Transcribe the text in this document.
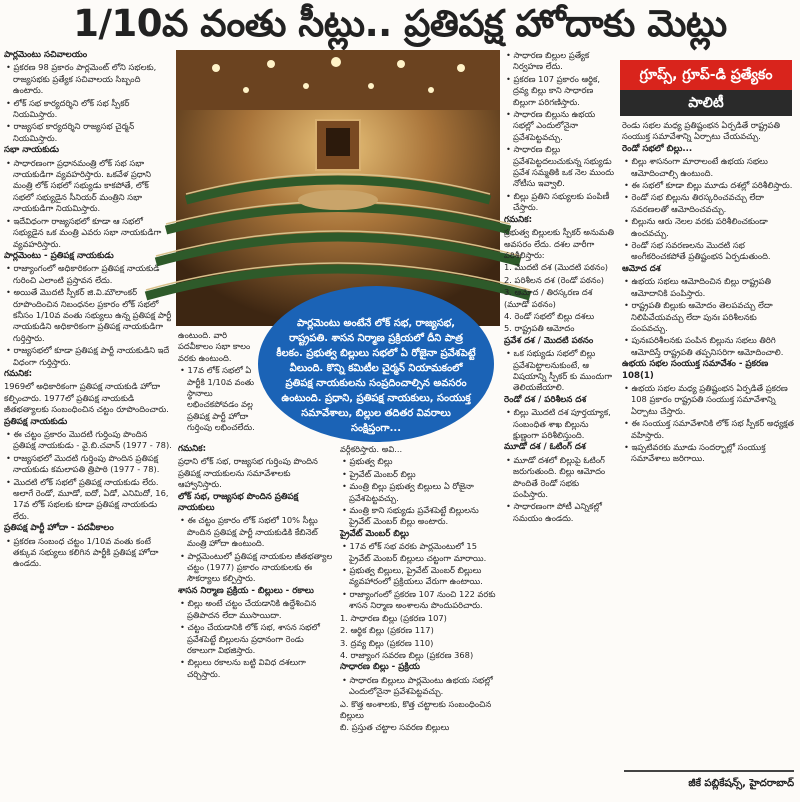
1/10వ వంతు సీట్లు.. ప్రతిపక్ష హోదాకు మెట్లు

పార్లమెంటు సచివాలయం

• ప్రకరణ 98 ప్రకారం పార్లమెంట్ లోని సభలకు, రాజ్యసభకు ప్రత్యేక సచివాలయ సిబ్బంది ఉంటారు.

• లోక్ సభ కార్యదర్శిని లోక్ సభ స్పీకర్ నియమిస్తారు.

• రాజ్యసభ కార్యదర్శిని రాజ్యసభ చైర్మన్ నియమిస్తారు.

సభా నాయకుడు

• సాధారణంగా ప్రధానమంత్రి లోక్ సభ సభా నాయకుడిగా వ్యవహరిస్తారు. ఒకవేళ ప్రధాని మంత్రి లోక్ సభలో సభ్యుడు కాకపోతే, లోక్ సభలో సభ్యుడైన సీనియర్ మంత్రిని సభా నాయకుడిగా నియమిస్తారు.

• ఇదేవిధంగా రాజ్యసభలో కూడా ఆ సభలో సభ్యుడైన ఒక మంత్రి ఎవరు సభా నాయకుడిగా వ్యవహరిస్తారు.

పార్లమెంటు - ప్రతిపక్ష నాయకుడు

• రాజ్యాంగంలో అధికారికంగా ప్రతిపక్ష నాయకుడి గురించి ఎలాంటి ప్రస్తావన లేదు.

• అయితే మొదటి స్పీకర్ జి.వి.మౌలాంకర్ రూపొందించిన నిబంధనల ప్రకారం లోక్ సభలో కనీసం 1/10వ వంతు సభ్యులు ఉన్న ప్రతిపక్ష పార్టీ నాయకుడిని అధికారికంగా ప్రతిపక్ష నాయకుడిగా గుర్తిస్తారు.

• రాజ్యసభలో కూడా ప్రతిపక్ష పార్టీ నాయకుడిని ఇదే విధంగా గుర్తిస్తారు.

గమనిక:

1969లో అధికారికంగా ప్రతిపక్ష నాయకుడి హోదా కల్పించారు. 1977లో ప్రతిపక్ష నాయకుడి జీతభత్యాలకు సంబంధించిన చట్టం రూపొందించారు.

ప్రతిపక్ష నాయకుడు

• ఈ చట్టం ప్రకారం మొదటి గుర్తింపు పొందిన ప్రతిపక్ష నాయకుడు - వై.బి.చవాన్ (1977 - 78).

• రాజ్యసభలో మొదటి గుర్తింపు పొందిన ప్రతిపక్ష నాయకుడు కమలాపతి త్రిపాఠి (1977 - 78).

• మొదటి లోక్ సభలో ప్రతిపక్ష నాయకుడు లేరు. అలాగే రెండో, మూడో, ఐదో, ఏడో, ఎనిమిదో, 16, 17వ లోక్ సభలకు కూడా ప్రతిపక్ష నాయకుడు లేరు.

ప్రతిపక్ష పార్టీ హోదా - పదవీకాలం

• ప్రకరణ సంబంధ చట్టం 1/10వ వంతు కంటే తక్కువ సభ్యులు కలిగిన పార్టీకి ప్రతిపక్ష హోదా ఉండదు.

పార్లమెంటు అంటేనే లోక్ సభ, రాజ్యసభ, రాష్ట్రపతి. శాసన నిర్మాణ ప్రక్రియలో దీని పాత్ర కీలకం. ప్రభుత్వ బిల్లులు సభలో ఏ రోజైనా ప్రవేశపెట్టే వీలుంది. కొన్ని కమిటీల చైర్మన్ నియామకంలో ప్రతిపక్ష నాయకులను సంప్రదించాల్సిన అవసరం ఉంటుంది. ప్రధాని, ప్రతిపక్ష నాయకులు, సంయుక్త సమావేశాలు, బిల్లుల తదితర వివరాలు సంక్షిప్తంగా...

ఉంటుంది. వారి పదవీకాలం సభా కాలం వరకు ఉంటుంది.

• 17వ లోక్ సభలో ఏ పార్టీకి 1/10వ వంతు స్థానాలు లభించకపోవడం వల్ల ప్రతిపక్ష పార్టీ హోదా గుర్తింపు లభించలేదు.

గమనిక:

ప్రధాని లోక్ సభ, రాజ్యసభ గుర్తింపు పొందిన ప్రతిపక్ష నాయకులను సమావేశాలకు ఆహ్వానిస్తారు.

లోక్ సభ, రాజ్యసభ పొందిన ప్రతిపక్ష నాయకులు

• ఈ చట్టం ప్రకారం లోక్ సభలో 10% సీట్లు పొందిన ప్రతిపక్ష పార్టీ నాయకుడికి కేబినెట్ మంత్రి హోదా ఉంటుంది.

• పార్లమెంటులో ప్రతిపక్ష నాయకుల జీతభత్యాల చట్టం (1977) ప్రకారం నాయకులకు ఈ సౌకర్యాలు కల్పిస్తారు.

శాసన నిర్మాణ ప్రక్రియ - బిల్లులు - రకాలు

• బిల్లు అంటే చట్టం చేయడానికి ఉద్దేశించిన ప్రతిపాదన లేదా ముసాయిదా.

• చట్టం చేయడానికి లోక్ సభ, శాసన సభలో ప్రవేశపెట్టే బిల్లులను ప్రధానంగా రెండు రకాలుగా విభజిస్తారు.

• బిల్లులు రకాలను బట్టి వివిధ దశలుగా చర్చిస్తారు.

వర్గీకరిస్తారు. అవి...

• ప్రభుత్వ బిల్లు

• ప్రైవేట్ మెంబర్ బిల్లు

• మంత్రి బిల్లు ప్రభుత్వ బిల్లులు ఏ రోజైనా ప్రవేశపెట్టవచ్చు.

• మంత్రి కాని సభ్యుడు ప్రవేశపెట్టే బిల్లులను ప్రైవేట్ మెంబర్ బిల్లు అంటారు.

ప్రైవేట్ మెంబర్ బిల్లు

• 17వ లోక్ సభ వరకు పార్లమెంటులో 15 ప్రైవేట్ మెంబర్ బిల్లులు చట్టంగా మారాయి.

• ప్రభుత్వ బిల్లులు, ప్రైవేట్ మెంబర్ బిల్లులు వ్యవహారంలో ప్రక్రియలు వేరుగా ఉంటాయి.

• రాజ్యాంగంలో ప్రకరణ 107 నుంచి 122 వరకు శాసన నిర్మాణ అంశాలను పొందుపరిచారు.

1. సాధారణ బిల్లు (ప్రకరణ 107)

2. ఆర్థిక బిల్లు (ప్రకరణ 117)

3. ద్రవ్య బిల్లు (ప్రకరణ 110)

4. రాజ్యాంగ సవరణ బిల్లు (ప్రకరణ 368)

సాధారణ బిల్లు - ప్రక్రియ

• సాధారణ బిల్లులు పార్లమెంటు ఉభయ సభల్లో ఎందులోనైనా ప్రవేశపెట్టవచ్చు.

ఎ. కొత్త అంశాలకు, కొత్త చట్టాలకు సంబంధించిన బిల్లులు

బి. ప్రస్తుత చట్టాల సవరణ బిల్లులు

• సాధారణ బిల్లుల ప్రత్యేక నిర్వహణ లేదు.

• ప్రకరణ 107 ప్రకారం ఆర్థిక, ద్రవ్య బిల్లు కాని సాధారణ బిల్లుగా పరిగణిస్తారు.

• సాధారణ బిల్లును ఉభయ సభల్లో ఎందులోనైనా ప్రవేశపెట్టవచ్చు.

• సాధారణ బిల్లు ప్రవేశపెట్టదలుచుకున్న సభ్యుడు ప్రవేశ సమ్మతికి ఒక నెల ముందు నోటీసు ఇవ్వాలి.

• బిల్లు ప్రతిని సభ్యులకు పంపిణీ చేస్తారు.

గమనిక:

ప్రభుత్వ బిల్లులకు స్పీకర్ అనుమతి అవసరం లేదు. దశల వారీగా పరిశీలిస్తారు:

1. మొదటి దశ (మొదటి పఠనం)

2. పరిశీలన దశ (రెండో పఠనం)

3. ఆమోద / తిరస్కరణ దశ (మూడో పఠనం)

4. రెండో సభలో బిల్లు దశలు

5. రాష్ట్రపతి ఆమోదం

ప్రవేశ దశ / మొదటి పఠనం

• ఒక సభ్యుడు సభలో బిల్లు ప్రవేశపెట్టాలనుకుంటే, ఆ విషయాన్ని స్పీకర్ కు ముందుగా తెలియజేయాలి.

రెండో దశ / పరిశీలన దశ

• బిల్లు మొదటి దశ పూర్తయ్యాక, సంబంధిత శాఖ బిల్లును క్షుణ్ణంగా పరిశీలిస్తుంది.

మూడో దశ / ఓటింగ్ దశ

• మూడో దశలో బిల్లుపై ఓటింగ్ జరుగుతుంది. బిల్లు ఆమోదం పొందితే రెండో సభకు పంపిస్తారు.

• సాధారణంగా పోటీ ఎన్నికల్లో సమయం ఉండదు.

గ్రూప్స్, గ్రూప్-డి ప్రత్యేకం
పాలిటీ

రెండు సభల మధ్య ప్రతిష్టంభన ఏర్పడితే రాష్ట్రపతి సంయుక్త సమావేశాన్ని ఏర్పాటు చేయవచ్చు.

రెండో సభలో బిల్లు...

• బిల్లు శాసనంగా మారాలంటే ఉభయ సభలు ఆమోదించాల్సి ఉంటుంది.

• ఈ సభలో కూడా బిల్లు మూడు దశల్లో పరిశీలిస్తారు.

• రెండో సభ బిల్లును తిరస్కరించవచ్చు లేదా సవరణలతో ఆమోదించవచ్చు.

• బిల్లును ఆరు నెలల వరకు పరిశీలించకుండా ఉంచవచ్చు.

• రెండో సభ సవరణలను మొదటి సభ అంగీకరించకపోతే ప్రతిష్టంభన ఏర్పడుతుంది.

ఆమోద దశ

• ఉభయ సభలు ఆమోదించిన బిల్లు రాష్ట్రపతి ఆమోదానికి పంపిస్తారు.

• రాష్ట్రపతి బిల్లుకు ఆమోదం తెలపవచ్చు లేదా నిలిపివేయవచ్చు లేదా పునః పరిశీలనకు పంపవచ్చు.

• పునఃపరిశీలనకు పంపిన బిల్లును సభలు తిరిగి ఆమోదిస్తే రాష్ట్రపతి తప్పనిసరిగా ఆమోదించాలి.

ఉభయ సభల సంయుక్త సమావేశం - ప్రకరణ 108(1)

• ఉభయ సభల మధ్య ప్రతిష్టంభన ఏర్పడితే ప్రకరణ 108 ప్రకారం రాష్ట్రపతి సంయుక్త సమావేశాన్ని ఏర్పాటు చేస్తారు.

• ఈ సంయుక్త సమావేశానికి లోక్ సభ స్పీకర్ అధ్యక్షత వహిస్తారు.

• ఇప్పటివరకు మూడు సందర్భాల్లో సంయుక్త సమావేశాలు జరిగాయి.

జీకే పబ్లికేషన్స్, హైదరాబాద్
